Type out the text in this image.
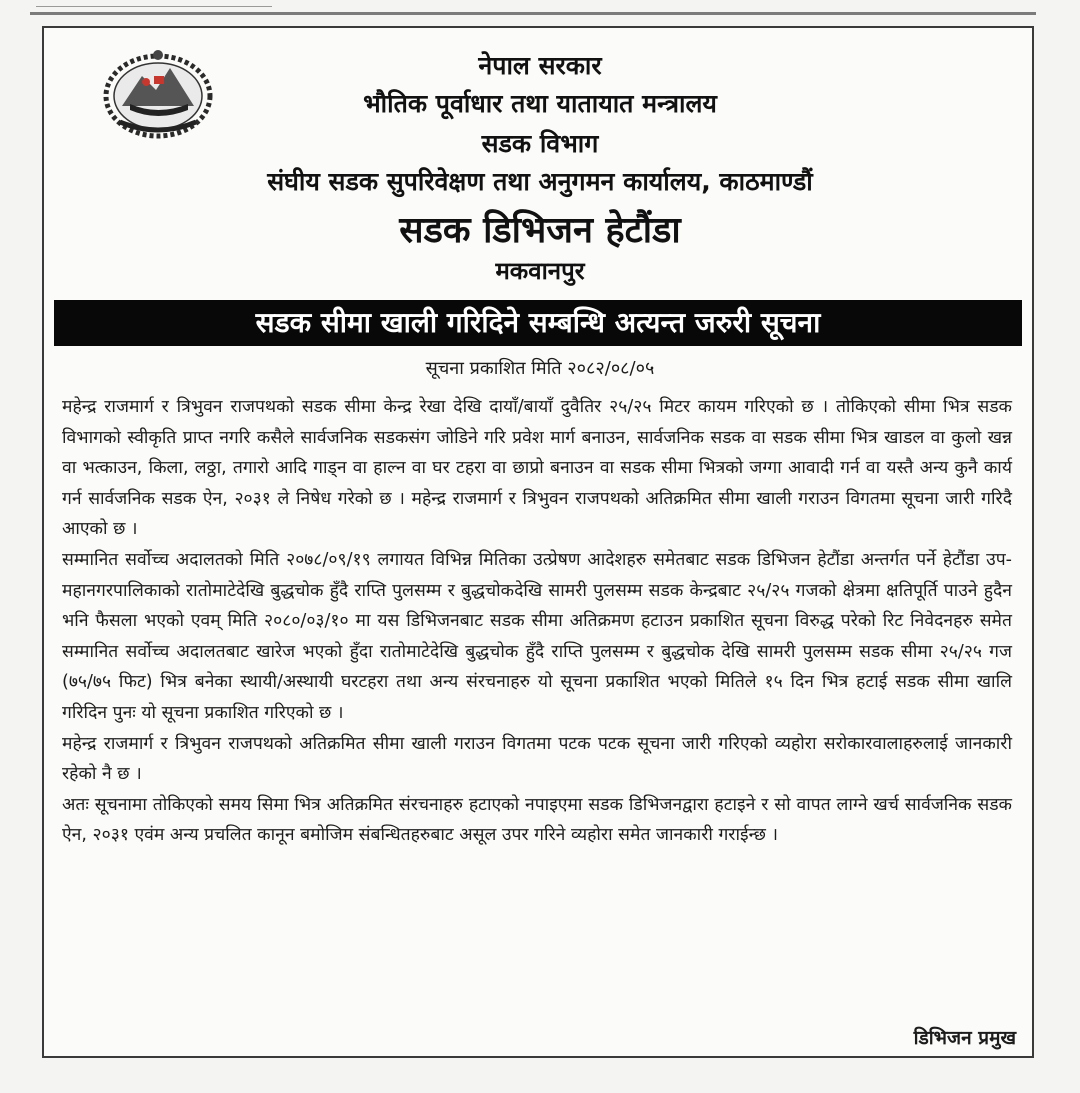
नेपाल सरकार
भौतिक पूर्वाधार तथा यातायात मन्त्रालय
सडक विभाग
संघीय सडक सुपरिवेक्षण तथा अनुगमन कार्यालय, काठमाण्डौं
सडक डिभिजन हेटौंडा
मकवानपुर
सडक सीमा खाली गरिदिने सम्बन्धि अत्यन्त जरुरी सूचना
सूचना प्रकाशित मिति २०८२/०८/०५

महेन्द्र राजमार्ग र त्रिभुवन राजपथको सडक सीमा केन्द्र रेखा देखि दायाँ/बायाँ दुवैतिर २५/२५ मिटर कायम गरिएको छ । तोकिएको सीमा भित्र सडक विभागको स्वीकृति प्राप्त नगरि कसैले सार्वजनिक सडकसंग जोडिने गरि प्रवेश मार्ग बनाउन, सार्वजनिक सडक वा सडक सीमा भित्र खाडल वा कुलो खन्न वा भत्काउन, किला, लठ्ठा, तगारो आदि गाड्न वा हाल्न वा घर टहरा वा छाप्रो बनाउन वा सडक सीमा भित्रको जग्गा आवादी गर्न वा यस्तै अन्य कुनै कार्य गर्न सार्वजनिक सडक ऐन, २०३१ ले निषेध गरेको छ । महेन्द्र राजमार्ग र त्रिभुवन राजपथको अतिक्रमित सीमा खाली गराउन विगतमा सूचना जारी गरिदै आएको छ ।

सम्मानित सर्वोच्च अदालतको मिति २०७८/०९/१९ लगायत विभिन्न मितिका उत्प्रेषण आदेशहरु समेतबाट सडक डिभिजन हेटौंडा अन्तर्गत पर्ने हेटौंडा उप-महानगरपालिकाको रातोमाटेदेखि बुद्धचोक हुँदै राप्ति पुलसम्म र बुद्धचोकदेखि सामरी पुलसम्म सडक केन्द्रबाट २५/२५ गजको क्षेत्रमा क्षतिपूर्ति पाउने हुदैन भनि फैसला भएको एवम् मिति २०८०/०३/१० मा यस डिभिजनबाट सडक सीमा अतिक्रमण हटाउन प्रकाशित सूचना विरुद्ध परेको रिट निवेदनहरु समेत सम्मानित सर्वोच्च अदालतबाट खारेज भएको हुँदा रातोमाटेदेखि बुद्धचोक हुँदै राप्ति पुलसम्म र बुद्धचोक देखि सामरी पुलसम्म सडक सीमा २५/२५ गज (७५/७५ फिट) भित्र बनेका स्थायी/अस्थायी घरटहरा तथा अन्य संरचनाहरु यो सूचना प्रकाशित भएको मितिले १५ दिन भित्र हटाई सडक सीमा खालि गरिदिन पुनः यो सूचना प्रकाशित गरिएको छ ।

महेन्द्र राजमार्ग र त्रिभुवन राजपथको अतिक्रमित सीमा खाली गराउन विगतमा पटक पटक सूचना जारी गरिएको व्यहोरा सरोकारवालाहरुलाई जानकारी रहेको नै छ ।

अतः सूचनामा तोकिएको समय सिमा भित्र अतिक्रमित संरचनाहरु हटाएको नपाइएमा सडक डिभिजनद्वारा हटाइने र सो वापत लाग्ने खर्च सार्वजनिक सडक ऐन, २०३१ एवंम अन्य प्रचलित कानून बमोजिम संबन्धितहरुबाट असूल उपर गरिने व्यहोरा समेत जानकारी गराईन्छ ।

डिभिजन प्रमुख
